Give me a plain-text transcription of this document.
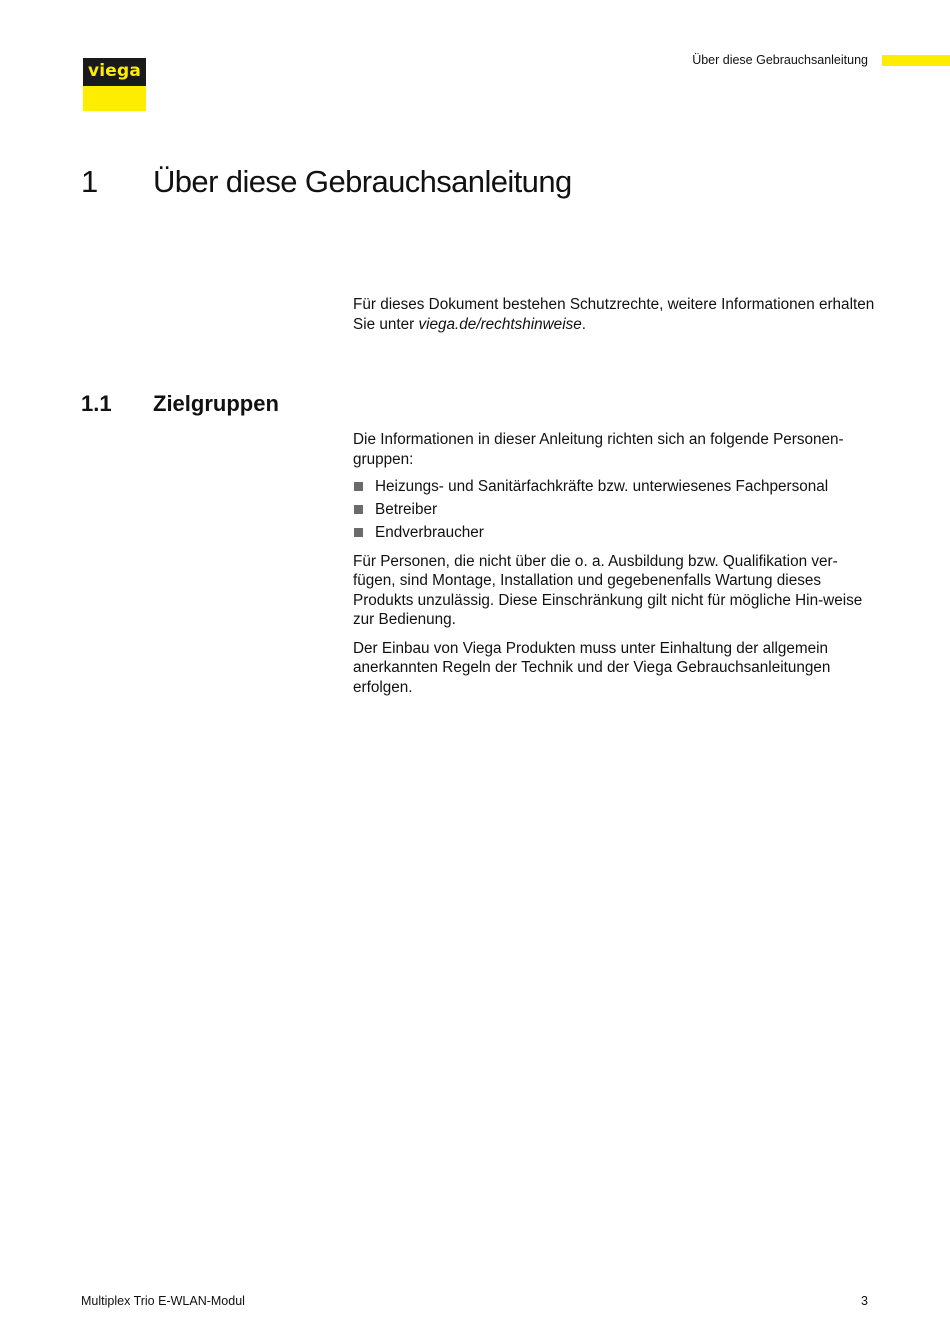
viega
Über diese Gebrauchsanleitung
1 Über diese Gebrauchsanleitung

Für dieses Dokument bestehen Schutzrechte, weitere Informationen erhalten Sie unter viega.de/rechtshinweise.

1.1 Zielgruppen

Die Informationen in dieser Anleitung richten sich an folgende Personen-gruppen:

Heizungs- und Sanitärfachkräfte bzw. unterwiesenes Fachpersonal
Betreiber
Endverbraucher

Für Personen, die nicht über die o. a. Ausbildung bzw. Qualifikation ver-fügen, sind Montage, Installation und gegebenenfalls Wartung dieses Produkts unzulässig. Diese Einschränkung gilt nicht für mögliche Hin-weise zur Bedienung.

Der Einbau von Viega Produkten muss unter Einhaltung der allgemein anerkannten Regeln der Technik und der Viega Gebrauchsanleitungen erfolgen.

Multiplex Trio E-WLAN-Modul	3
